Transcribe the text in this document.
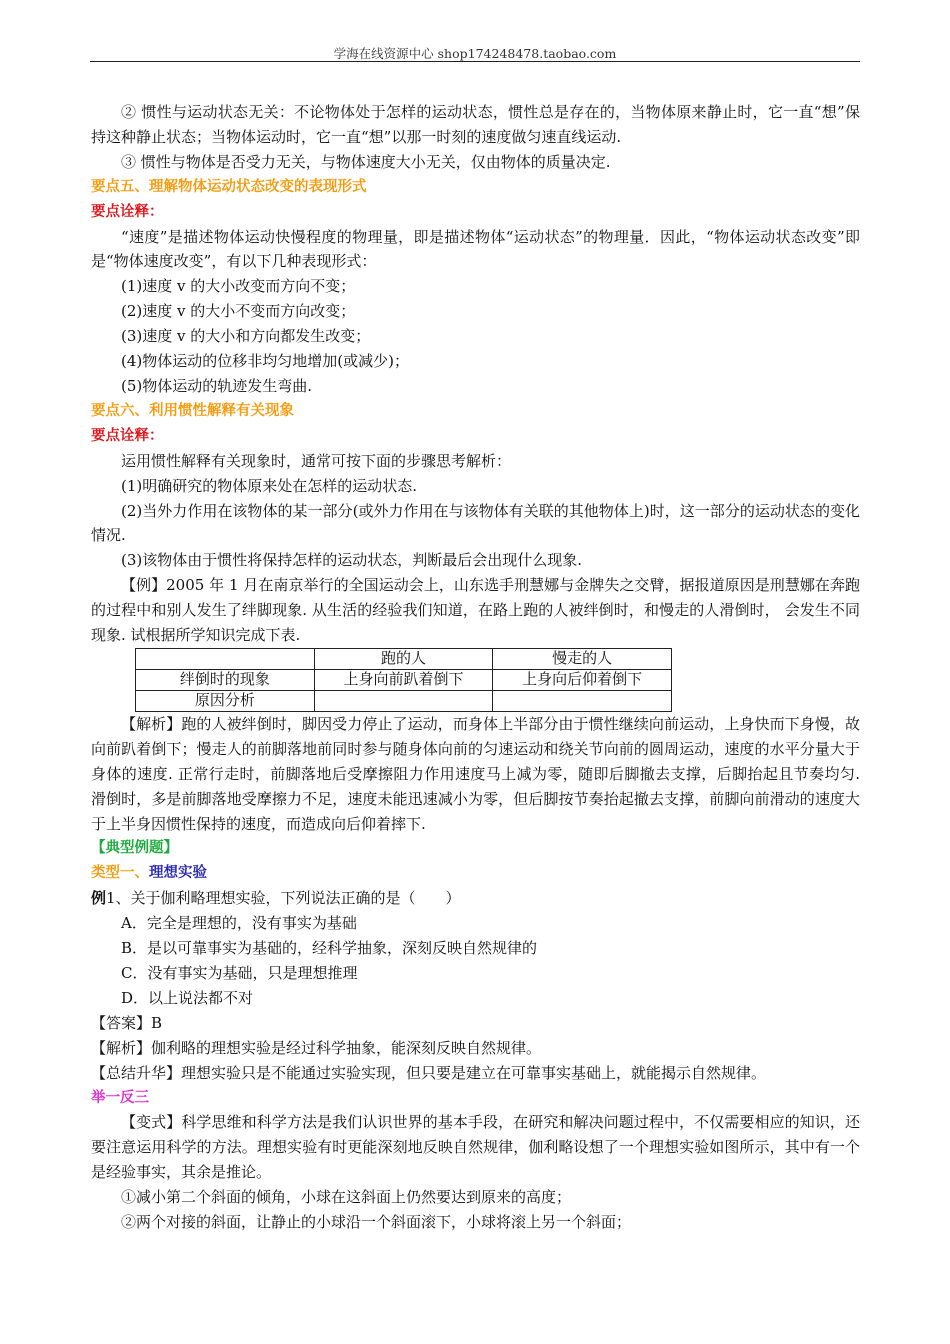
学海在线资源中心 shop174248478.taobao.com

② 惯性与运动状态无关：不论物体处于怎样的运动状态，惯性总是存在的，当物体原来静止时，它一直“想”保持这种静止状态；当物体运动时，它一直“想”以那一时刻的速度做匀速直线运动.

③ 惯性与物体是否受力无关，与物体速度大小无关，仅由物体的质量决定.

要点五、理解物体运动状态改变的表现形式

要点诠释：

“速度”是描述物体运动快慢程度的物理量，即是描述物体“运动状态”的物理量．因此，“物体运动状态改变”即是“物体速度改变”，有以下几种表现形式：

(1)速度 v 的大小改变而方向不变；

(2)速度 v 的大小不变而方向改变；

(3)速度 v 的大小和方向都发生改变；

(4)物体运动的位移非均匀地增加(或减少)；

(5)物体运动的轨迹发生弯曲.

要点六、利用惯性解释有关现象

要点诠释：

运用惯性解释有关现象时，通常可按下面的步骤思考解析：

(1)明确研究的物体原来处在怎样的运动状态.

(2)当外力作用在该物体的某一部分(或外力作用在与该物体有关联的其他物体上)时，这一部分的运动状态的变化情况.

(3)该物体由于惯性将保持怎样的运动状态，判断最后会出现什么现象.

【例】2005 年 1 月在南京举行的全国运动会上，山东选手刑慧娜与金牌失之交臂，据报道原因是刑慧娜在奔跑的过程中和别人发生了绊脚现象. 从生活的经验我们知道，在路上跑的人被绊倒时，和慢走的人滑倒时， 会发生不同现象. 试根据所学知识完成下表.

	跑的人	慢走的人
绊倒时的现象	上身向前趴着倒下	上身向后仰着倒下
原因分析		

【解析】跑的人被绊倒时，脚因受力停止了运动，而身体上半部分由于惯性继续向前运动，上身快而下身慢，故向前趴着倒下；慢走人的前脚落地前同时参与随身体向前的匀速运动和绕关节向前的圆周运动，速度的水平分量大于身体的速度. 正常行走时，前脚落地后受摩擦阻力作用速度马上减为零，随即后脚撤去支撑，后脚抬起且节奏均匀. 滑倒时，多是前脚落地受摩擦力不足，速度未能迅速减小为零，但后脚按节奏抬起撤去支撑，前脚向前滑动的速度大于上半身因惯性保持的速度，而造成向后仰着摔下.

【典型例题】

类型一、理想实验

例1、关于伽利略理想实验，下列说法正确的是（　　）

A．完全是理想的，没有事实为基础

B．是以可靠事实为基础的，经科学抽象，深刻反映自然规律的

C．没有事实为基础，只是理想推理

D．以上说法都不对

【答案】B

【解析】伽利略的理想实验是经过科学抽象，能深刻反映自然规律。

【总结升华】理想实验只是不能通过实验实现，但只要是建立在可靠事实基础上，就能揭示自然规律。

举一反三

【变式】科学思维和科学方法是我们认识世界的基本手段，在研究和解决问题过程中，不仅需要相应的知识，还要注意运用科学的方法。理想实验有时更能深刻地反映自然规律，伽利略设想了一个理想实验如图所示，其中有一个是经验事实，其余是推论。

①减小第二个斜面的倾角，小球在这斜面上仍然要达到原来的高度；

②两个对接的斜面，让静止的小球沿一个斜面滚下，小球将滚上另一个斜面；
